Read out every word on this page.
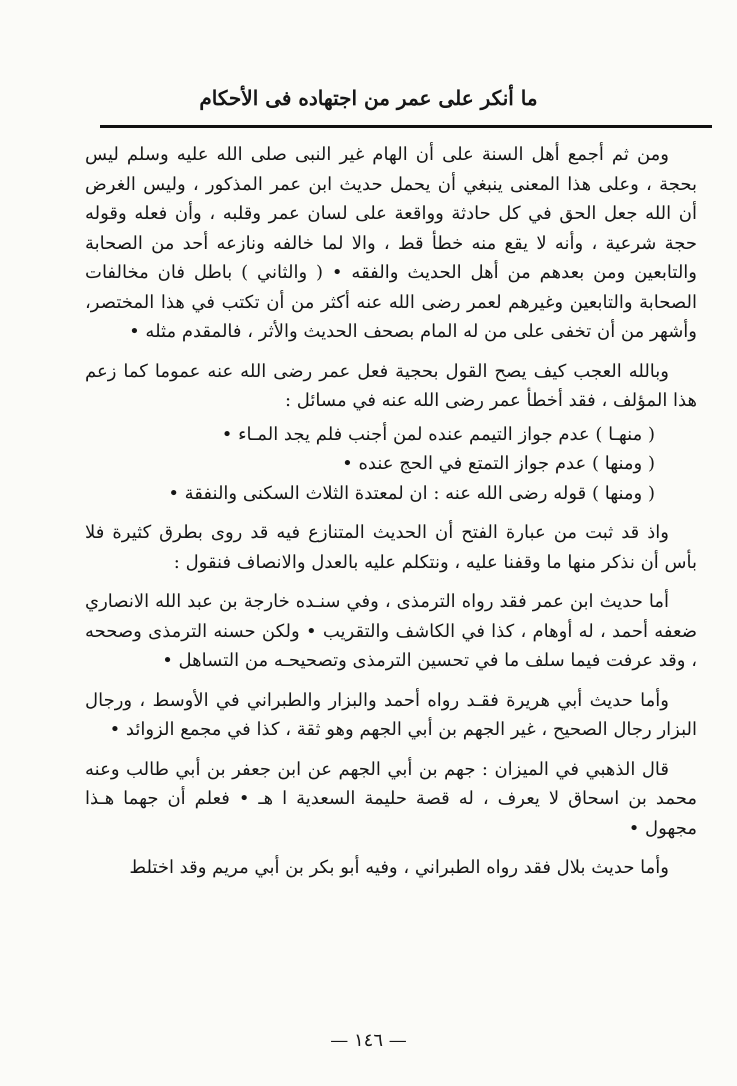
ما أنكر على عمر من اجتهاده فى الأحكام

ومن ثم أجمع أهل السنة على أن الهام غير النبى صلى الله عليه وسلم ليس بحجة ، وعلى هذا المعنى ينبغي أن يحمل حديث ابن عمر المذكور ، وليس الغرض أن الله جعل الحق في كل حادثة وواقعة على لسان عمر وقلبه ، وأن فعله وقوله حجة شرعية ، وأنه لا يقع منه خطأ قط ، والا لما خالفه ونازعه أحد من الصحابة والتابعين ومن بعدهم من أهل الحديث والفقه • ( والثاني ) باطل فان مخالفات الصحابة والتابعين وغيرهم لعمر رضى الله عنه أكثر من أن تكتب في هذا المختصر، وأشهر من أن تخفى على من له المام بصحف الحديث والأثر ، فالمقدم مثله •

وبالله العجب كيف يصح القول بحجية فعل عمر رضى الله عنه عموما كما زعم هذا المؤلف ، فقد أخطأ عمر رضى الله عنه في مسائل :

( منهـا ) عدم جواز التيمم عنده لمن أجنب فلم يجد المـاء •
( ومنها ) عدم جواز التمتع في الحج عنده •
( ومنها ) قوله رضى الله عنه : ان لمعتدة الثلاث السكنى والنفقة •

واذ قد ثبت من عبارة الفتح أن الحديث المتنازع فيه قد روى بطرق كثيرة فلا بأس أن نذكر منها ما وقفنا عليه ، ونتكلم عليه بالعدل والانصاف فنقول :

أما حديث ابن عمر فقد رواه الترمذى ، وفي سنـده خارجة بن عبد الله الانصاري ضعفه أحمد ، له أوهام ، كذا في الكاشف والتقريب • ولكن حسنه الترمذى وصححه ، وقد عرفت فيما سلف ما في تحسين الترمذى وتصحيحـه من التساهل •

وأما حديث أبي هريرة فقـد رواه أحمد والبزار والطبراني في الأوسط ، ورجال البزار رجال الصحيح ، غير الجهم بن أبي الجهم وهو ثقة ، كذا في مجمع الزوائد •

قال الذهبي في الميزان : جهم بن أبي الجهم عن ابن جعفر بن أبي طالب وعنه محمد بن اسحاق لا يعرف ، له قصة حليمة السعدية ا هـ • فعلم أن جهما هـذا مجهول •

وأما حديث بلال فقد رواه الطبراني ، وفيه أبو بكر بن أبي مريم وقد اختلط

— ١٤٦ —
